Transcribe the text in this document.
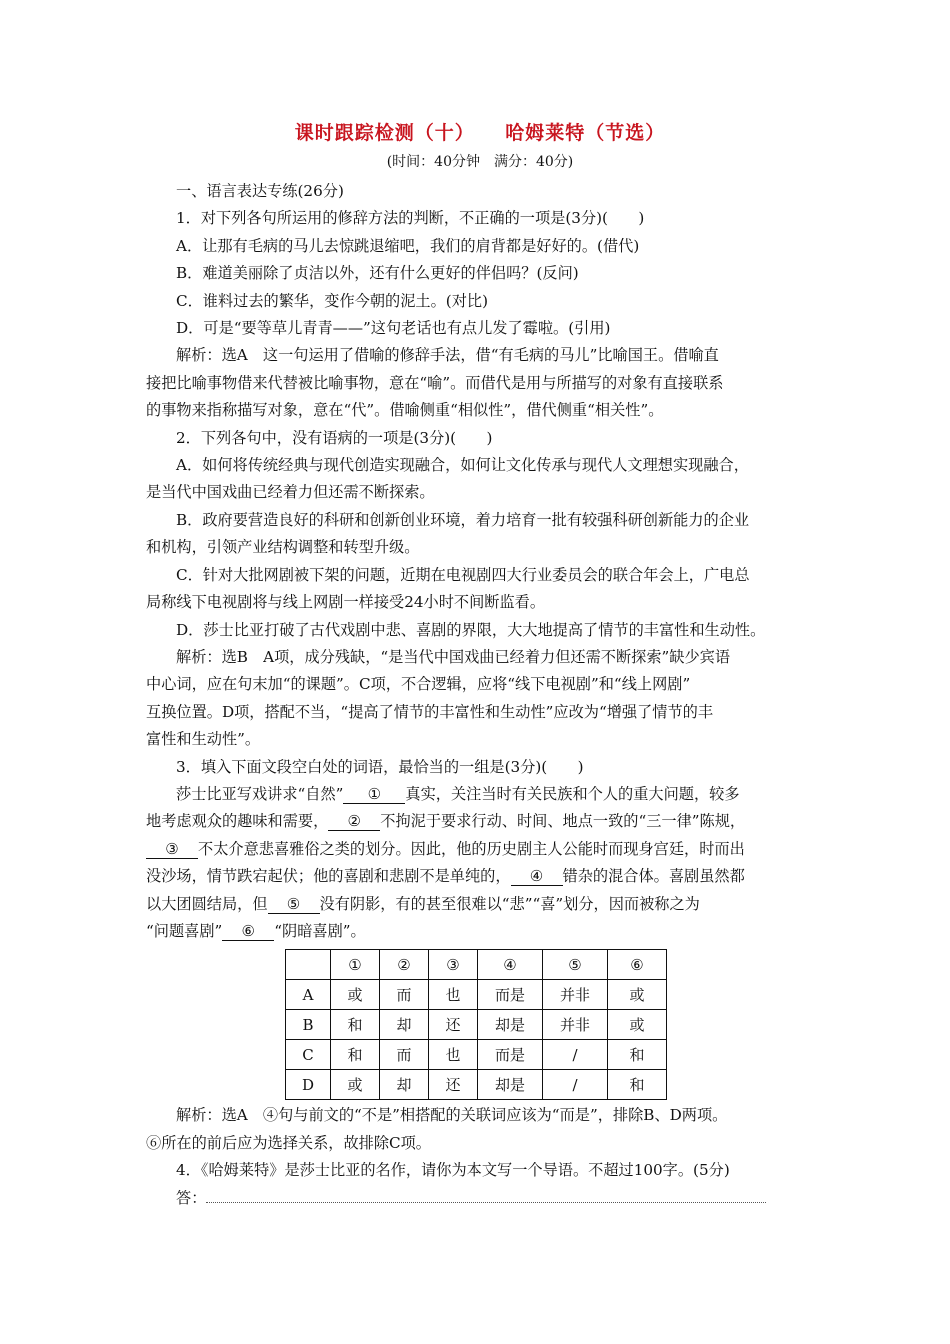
课时跟踪检测（十）    哈姆莱特（节选）
(时间：40分钟　满分：40分)

一、语言表达专练(26分)

1．对下列各句所运用的修辞方法的判断，不正确的一项是(3分)(　　)

A．让那有毛病的马儿去惊跳退缩吧，我们的肩背都是好好的。(借代)

B．难道美丽除了贞洁以外，还有什么更好的伴侣吗？(反问)

C．谁料过去的繁华，变作今朝的泥土。(对比)

D．可是“要等草儿青青——”这句老话也有点儿发了霉啦。(引用)

解析：选A　这一句运用了借喻的修辞手法，借“有毛病的马儿”比喻国王。借喻直

接把比喻事物借来代替被比喻事物，意在“喻”。而借代是用与所描写的对象有直接联系

的事物来指称描写对象，意在“代”。借喻侧重“相似性”，借代侧重“相关性”。

2．下列各句中，没有语病的一项是(3分)(　　)

A．如何将传统经典与现代创造实现融合，如何让文化传承与现代人文理想实现融合，

是当代中国戏曲已经着力但还需不断探索。

B．政府要营造良好的科研和创新创业环境，着力培育一批有较强科研创新能力的企业

和机构，引领产业结构调整和转型升级。

C．针对大批网剧被下架的问题，近期在电视剧四大行业委员会的联合年会上，广电总

局称线下电视剧将与线上网剧一样接受24小时不间断监看。

D．莎士比亚打破了古代戏剧中悲、喜剧的界限，大大地提高了情节的丰富性和生动性。

解析：选B　A项，成分残缺，“是当代中国戏曲已经着力但还需不断探索”缺少宾语

中心词，应在句末加“的课题”。C项，不合逻辑，应将“线下电视剧”和“线上网剧”

互换位置。D项，搭配不当，“提高了情节的丰富性和生动性”应改为“增强了情节的丰

富性和生动性”。

3．填入下面文段空白处的词语，最恰当的一组是(3分)(　　)

莎士比亚写戏讲求“自然” ① 真实，关注当时有关民族和个人的重大问题，较多

地考虑观众的趣味和需要， ② 不拘泥于要求行动、时间、地点一致的“三一律”陈规，

③ 不太介意悲喜雅俗之类的划分。因此，他的历史剧主人公能时而现身宫廷，时而出

没沙场，情节跌宕起伏；他的喜剧和悲剧不是单纯的， ④ 错杂的混合体。喜剧虽然都

以大团圆结局，但 ⑤ 没有阴影，有的甚至很难以“悲”“喜”划分，因而被称之为

“问题喜剧” ⑥ “阴暗喜剧”。

	①	②	③	④	⑤	⑥
A	或	而	也	而是	并非	或
B	和	却	还	却是	并非	或
C	和	而	也	而是	/	和
D	或	却	还	却是	/	和

解析：选A　④句与前文的“不是”相搭配的关联词应该为“而是”，排除B、D两项。

⑥所在的前后应为选择关系，故排除C项。

4．《哈姆莱特》是莎士比亚的名作，请你为本文写一个导语。不超过100字。(5分)

答：
